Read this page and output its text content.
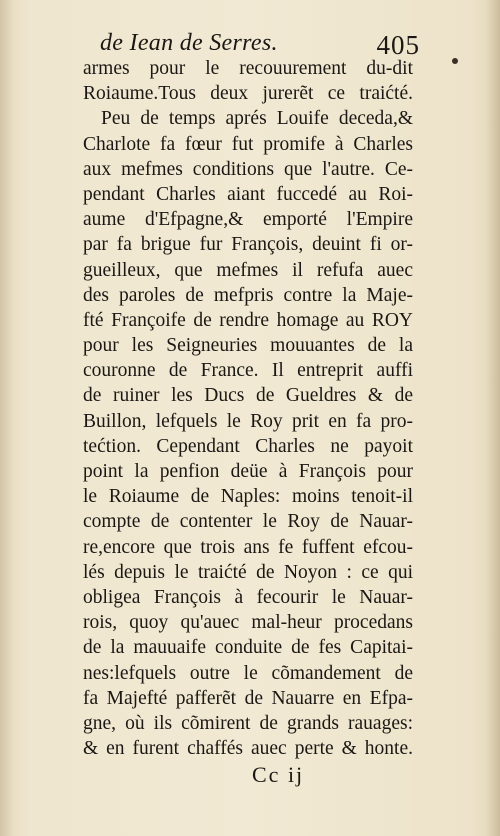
de Iean de Serres.	405
armes pour le recouurement du-dit
Roiaume.Tous deux jurerẽt ce traićté.
Peu de temps aprés Louife deceda,&
Charlote fa fœur fut promife à Charles
aux mefmes conditions que l'autre. Ce-
pendant Charles aiant fuccedé au Roi-
aume d'Efpagne,& emporté l'Empire
par fa brigue fur François, deuint fi or-
gueilleux, que mefmes il refufa auec
des paroles de mefpris contre la Maje-
fté Françoife de rendre homage au ROY
pour les Seigneuries mouuantes de la
couronne de France. Il entreprit auffi
de ruiner les Ducs de Gueldres & de
Buillon, lefquels le Roy prit en fa pro-
tećtion. Cependant Charles ne payoit
point la penfion deüe à François pour
le Roiaume de Naples: moins tenoit-il
compte de contenter le Roy de Nauar-
re,encore que trois ans fe fuffent efcou-
lés depuis le traićté de Noyon : ce qui
obligea François à fecourir le Nauar-
rois, quoy qu'auec mal-heur procedans
de la mauuaife conduite de fes Capitai-
nes:lefquels outre le cõmandement de
fa Majefté pafferẽt de Nauarre en Efpa-
gne, où ils cõmirent de grands rauages:
& en furent chaffés auec perte & honte.
Cc ij
